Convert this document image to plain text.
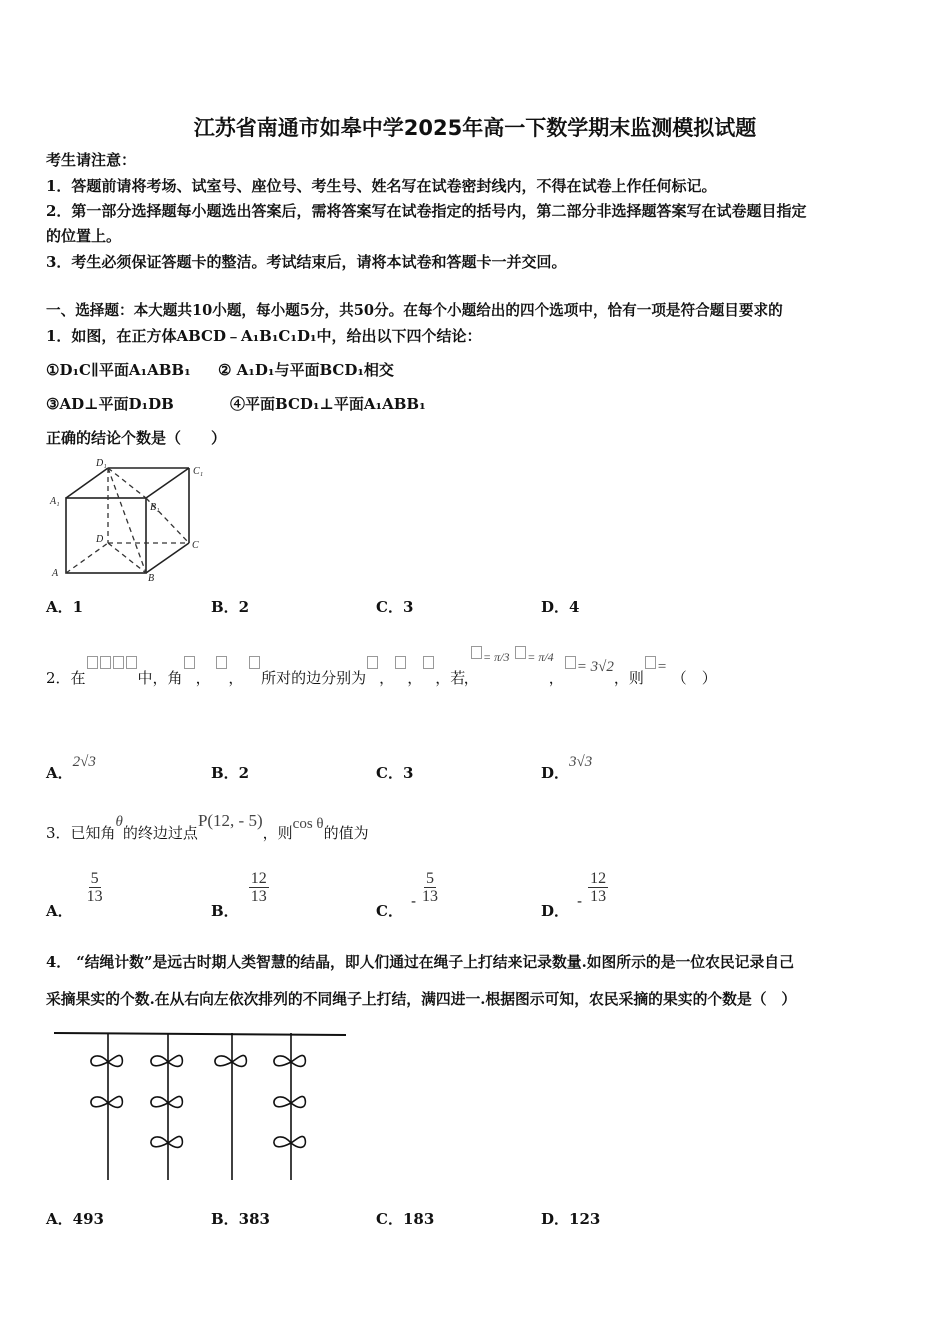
江苏省南通市如皋中学2025年高一下数学期末监测模拟试题
考生请注意：
1．答题前请将考场、试室号、座位号、考生号、姓名写在试卷密封线内，不得在试卷上作任何标记。
2．第一部分选择题每小题选出答案后，需将答案写在试卷指定的括号内，第二部分非选择题答案写在试卷题目指定
的位置上。
3．考生必须保证答题卡的整洁。考试结束后，请将本试卷和答题卡一并交回。
一、选择题：本大题共10小题，每小题5分，共50分。在每个小题给出的四个选项中，恰有一项是符合题目要求的
1．如图，在正方体ABCD﹣A₁B₁C₁D₁中，给出以下四个结论：
①D₁C∥平面A₁ABB₁ ② A₁D₁与平面BCD₁相交
③AD⊥平面D₁DB	④平面BCD₁⊥平面A₁ABB₁
正确的结论个数是（　　）
D₁
C₁
A₁
B₁
D
C
A	B
A．1	B．2	C．3	D．4
2．在	中，角 ， ， 所对的边分别为 ， ， ，若 $^{= \pi/3}$ $^{= \pi/4}$，	，= 3√2，则= （　）
A．2√3
B．2	C．3	D．3√3
3．已知角θ的终边过点P(12, - 5)，则cos θ的值为
A．
$\frac{5}{13}$
B．
$\frac{12}{13}$
C．- $\frac{5}{13}$
D．- $\frac{12}{13}$
4． “结绳计数”是远古时期人类智慧的结晶，即人们通过在绳子上打结来记录数量.如图所示的是一位农民记录自己
采摘果实的个数.在从右向左依次排列的不同绳子上打结，满四进一.根据图示可知，农民采摘的果实的个数是（　）
A．493	B．383	C．183	D．123
